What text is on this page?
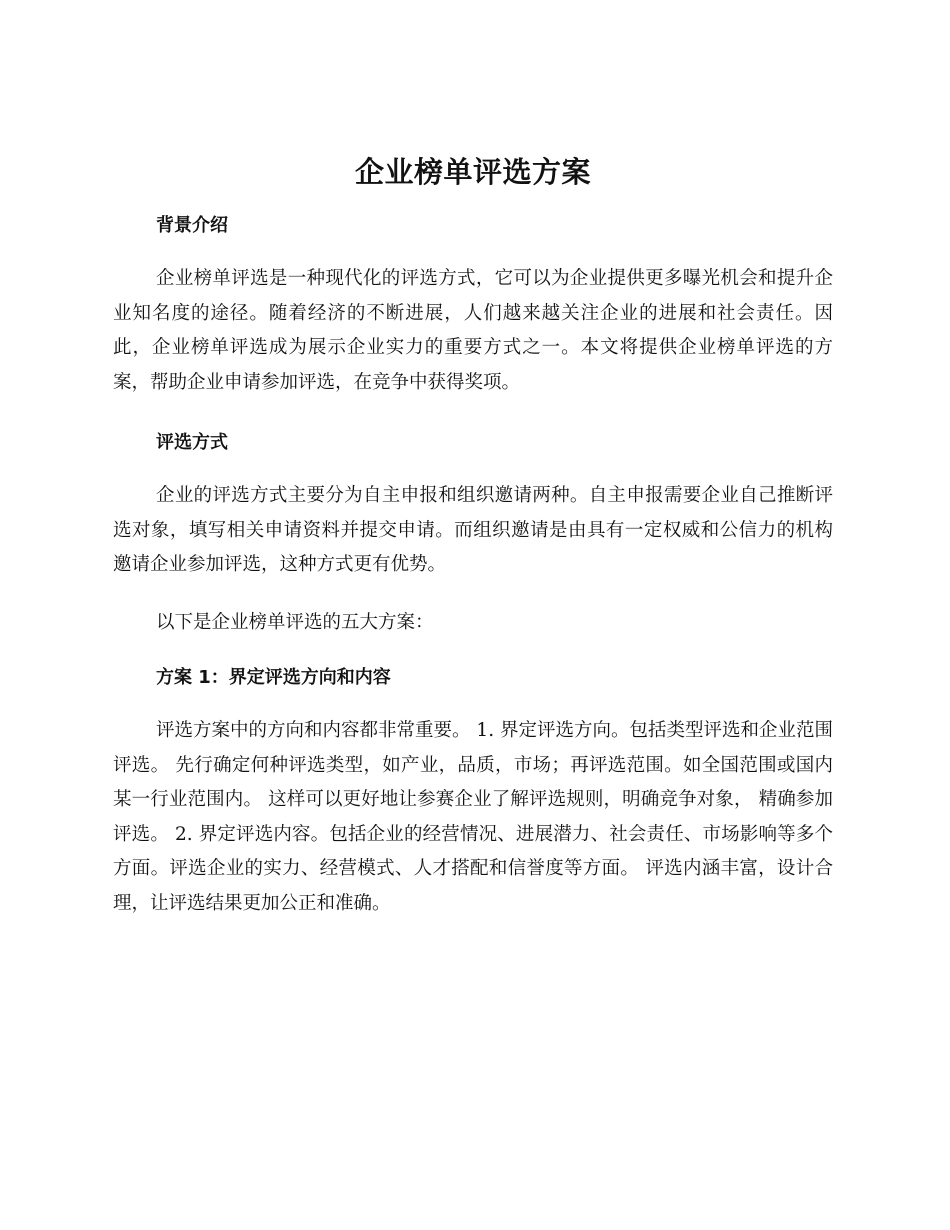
企业榜单评选方案
背景介绍

企业榜单评选是一种现代化的评选方式，它可以为企业提供更多曝光机会和提升企业知名度的途径。随着经济的不断进展，人们越来越关注企业的进展和社会责任。因此，企业榜单评选成为展示企业实力的重要方式之一。本文将提供企业榜单评选的方案，帮助企业申请参加评选，在竞争中获得奖项。

评选方式

企业的评选方式主要分为自主申报和组织邀请两种。自主申报需要企业自己推断评选对象，填写相关申请资料并提交申请。而组织邀请是由具有一定权威和公信力的机构邀请企业参加评选，这种方式更有优势。

以下是企业榜单评选的五大方案：

方案 1：界定评选方向和内容

评选方案中的方向和内容都非常重要。 1. 界定评选方向。包括类型评选和企业范围评选。 先行确定何种评选类型，如产业，品质，市场；再评选范围。如全国范围或国内某一行业范围内。 这样可以更好地让参赛企业了解评选规则，明确竞争对象， 精确参加评选。 2. 界定评选内容。包括企业的经营情况、进展潜力、社会责任、市场影响等多个方面。评选企业的实力、经营模式、人才搭配和信誉度等方面。 评选内涵丰富，设计合理，让评选结果更加公正和准确。
